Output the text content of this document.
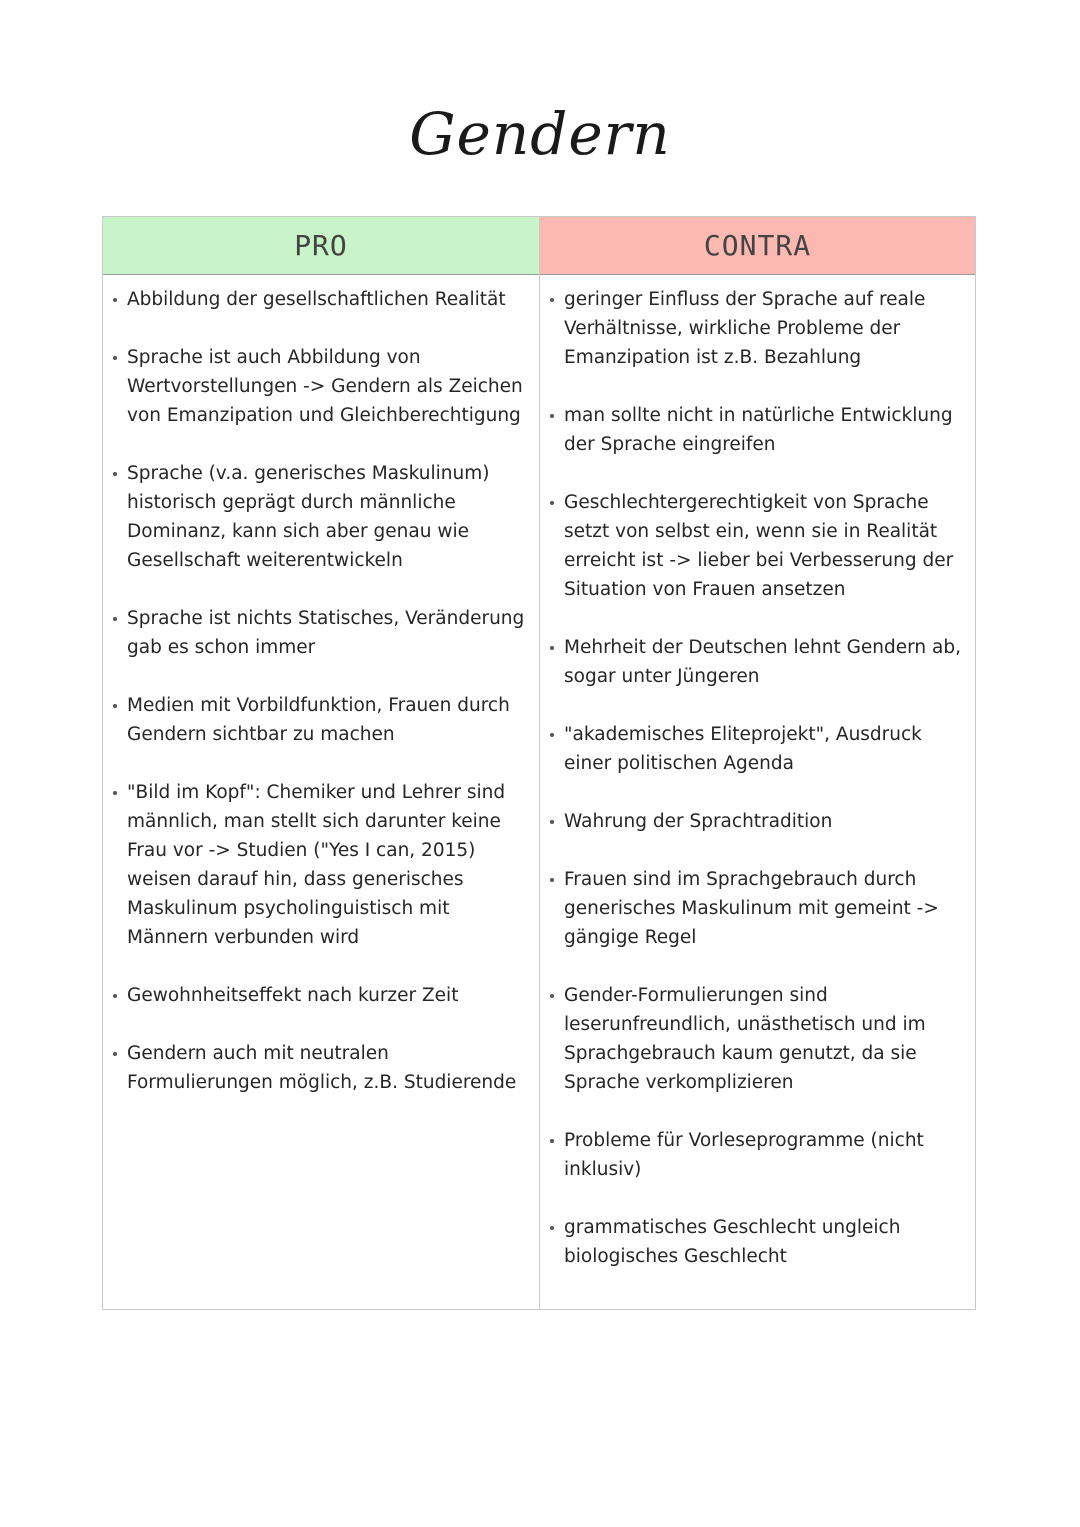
Gendern
PRO
Abbildung der gesellschaftlichen Realität
Sprache ist auch Abbildung von Wertvorstellungen -> Gendern als Zeichen von Emanzipation und Gleichberechtigung
Sprache (v.a. generisches Maskulinum) historisch geprägt durch männliche Dominanz, kann sich aber genau wie Gesellschaft weiterentwickeln
Sprache ist nichts Statisches, Veränderung gab es schon immer
Medien mit Vorbildfunktion, Frauen durch Gendern sichtbar zu machen
"Bild im Kopf": Chemiker und Lehrer sind männlich, man stellt sich darunter keine Frau vor -> Studien ("Yes I can, 2015) weisen darauf hin, dass generisches Maskulinum psycholinguistisch mit Männern verbunden wird
Gewohnheitseffekt nach kurzer Zeit
Gendern auch mit neutralen Formulierungen möglich, z.B. Studierende
CONTRA
geringer Einfluss der Sprache auf reale Verhältnisse, wirkliche Probleme der Emanzipation ist z.B. Bezahlung
man sollte nicht in natürliche Entwicklung der Sprache eingreifen
Geschlechtergerechtigkeit von Sprache setzt von selbst ein, wenn sie in Realität erreicht ist -> lieber bei Verbesserung der Situation von Frauen ansetzen
Mehrheit der Deutschen lehnt Gendern ab, sogar unter Jüngeren
"akademisches Eliteprojekt", Ausdruck einer politischen Agenda
Wahrung der Sprachtradition
Frauen sind im Sprachgebrauch durch generisches Maskulinum mit gemeint -> gängige Regel
Gender-Formulierungen sind leserunfreundlich, unästhetisch und im Sprachgebrauch kaum genutzt, da sie Sprache verkomplizieren
Probleme für Vorleseprogramme (nicht inklusiv)
grammatisches Geschlecht ungleich biologisches Geschlecht
